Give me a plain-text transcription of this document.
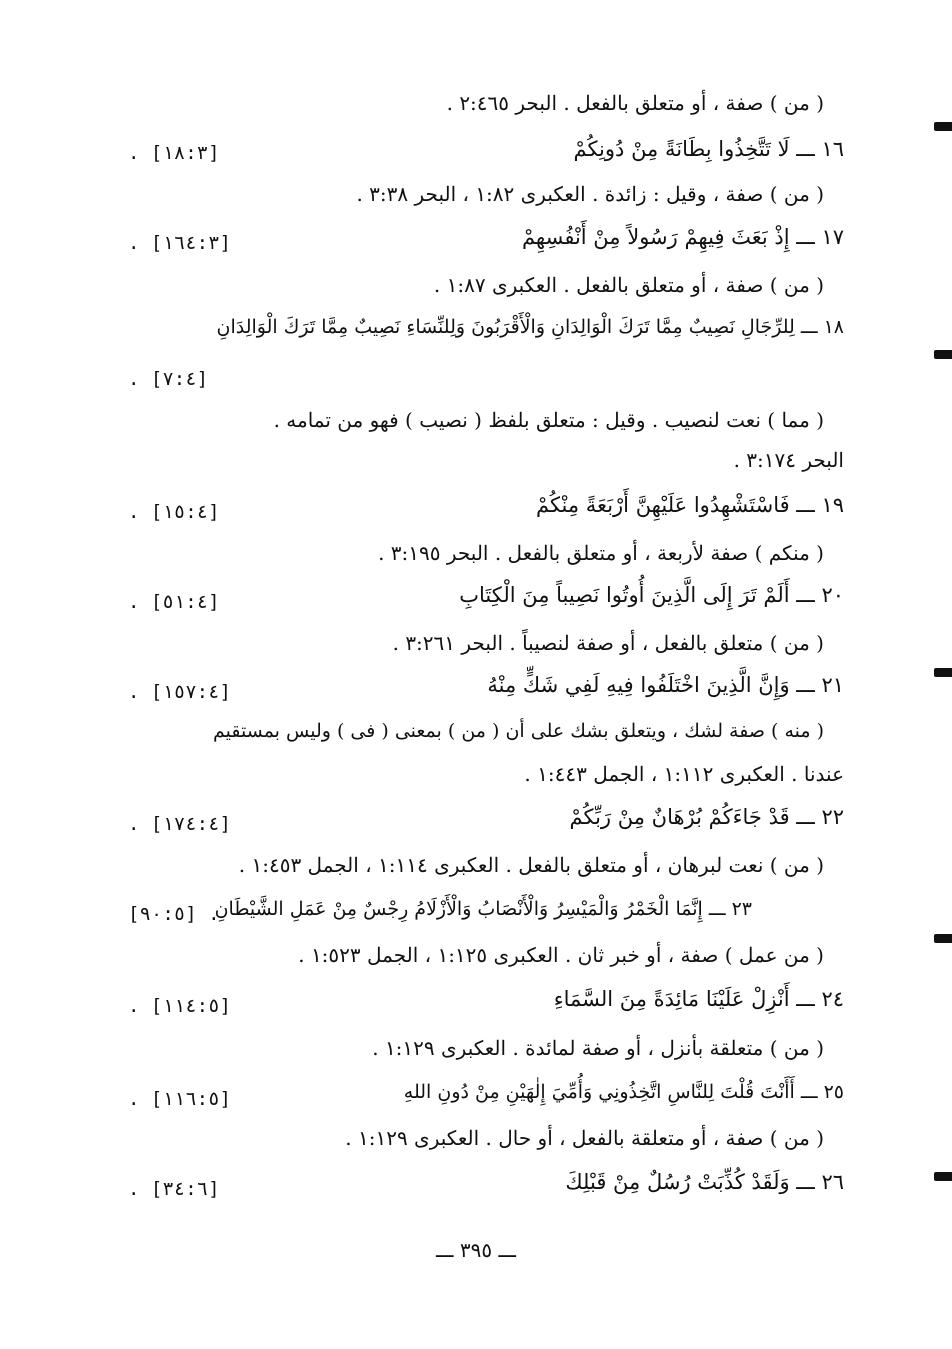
( من ) صفة ، أو متعلق بالفعل . البحر ٢:٤٦٥ .
١٦ ـــ لَا تَتَّخِذُوا بِطَانَةً مِنْ دُونِكُمْ
. [١٨:٣]
( من ) صفة ، وقيل : زائدة . العكبرى ١:٨٢ ، البحر ٣:٣٨ .
١٧ ـــ إِذْ بَعَثَ فِيهِمْ رَسُولاً مِنْ أَنْفُسِهِمْ
. [١٦٤:٣]
( من ) صفة ، أو متعلق بالفعل . العكبرى ١:٨٧ .
١٨ ـــ لِلرِّجَالِ نَصِيبٌ مِمَّا تَرَكَ الْوَالِدَانِ وَالْأَقْرَبُونَ وَلِلنِّسَاءِ نَصِيبٌ مِمَّا تَرَكَ الْوَالِدَانِ
. [٧:٤]
( مما ) نعت لنصيب . وقيل : متعلق بلفظ ( نصيب ) فهو من تمامه .
البحر ٣:١٧٤ .
١٩ ـــ فَاسْتَشْهِدُوا عَلَيْهِنَّ أَرْبَعَةً مِنْكُمْ
. [١٥:٤]
( منكم ) صفة لأربعة ، أو متعلق بالفعل . البحر ٣:١٩٥ .
٢٠ ـــ أَلَمْ تَرَ إِلَى الَّذِينَ أُوتُوا نَصِيباً مِنَ الْكِتَابِ
. [٥١:٤]
( من ) متعلق بالفعل ، أو صفة لنصيباً . البحر ٣:٢٦١ .
٢١ ـــ وَإِنَّ الَّذِينَ اخْتَلَفُوا فِيهِ لَفِي شَكٍّ مِنْهُ
. [١٥٧:٤]
( منه ) صفة لشك ، ويتعلق بشك على أن ( من ) بمعنى ( فى ) وليس بمستقيم
عندنا . العكبرى ١:١١٢ ، الجمل ١:٤٤٣ .
٢٢ ـــ قَدْ جَاءَكُمْ بُرْهَانٌ مِنْ رَبِّكُمْ
. [١٧٤:٤]
( من ) نعت لبرهان ، أو متعلق بالفعل . العكبرى ١:١١٤ ، الجمل ١:٤٥٣ .
٢٣ ـــ إِنَّمَا الْخَمْرُ وَالْمَيْسِرُ وَالْأَنْصَابُ وَالْأَزْلَامُ رِجْسٌ مِنْ عَمَلِ الشَّيْطَانِ
[٩٠:٥] .
( من عمل ) صفة ، أو خبر ثان . العكبرى ١:١٢٥ ، الجمل ١:٥٢٣ .
٢٤ ـــ أَنْزِلْ عَلَيْنَا مَائِدَةً مِنَ السَّمَاءِ
. [١١٤:٥]
( من ) متعلقة بأنزل ، أو صفة لمائدة . العكبرى ١:١٢٩ .
٢٥ ـــ أَأَنْتَ قُلْتَ لِلنَّاسِ اتَّخِذُونِي وَأُمِّيَ إِلٰهَيْنِ مِنْ دُونِ اللهِ
. [١١٦:٥]
( من ) صفة ، أو متعلقة بالفعل ، أو حال . العكبرى ١:١٢٩ .
٢٦ ـــ وَلَقَدْ كُذِّبَتْ رُسُلٌ مِنْ قَبْلِكَ
. [٣٤:٦]
ـــ ٣٩٥ ـــ
